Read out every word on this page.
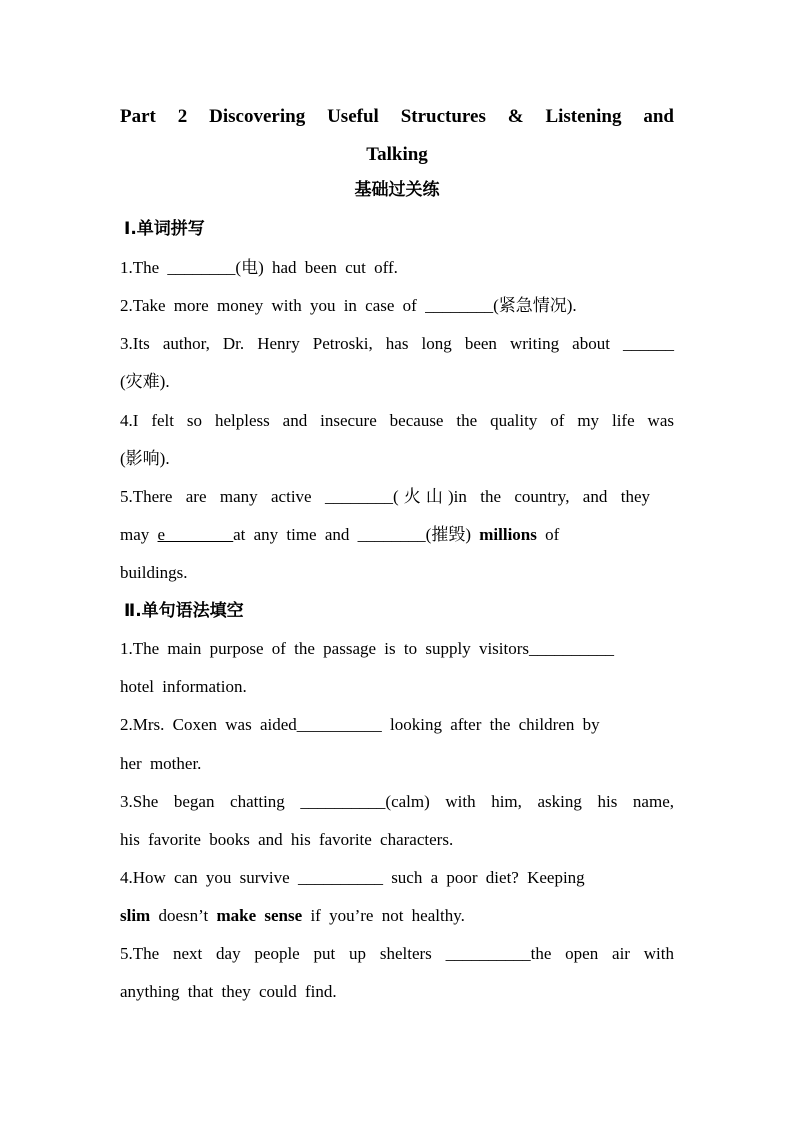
Part 2 Discovering Useful Structures & Listening and
Talking
基础过关练
Ⅰ.单词拼写
1.The ________(电) had been cut off.
2.Take more money with you in case of ________(紧急情况).
3.Its author, Dr. Henry Petroski, has long been writing about ______
(灾难).
4.I felt so helpless and insecure because the quality of my life was
(影响).
5.There are many active ________(火山)in the country, and they
may e________at any time and ________(摧毁) millions of
buildings.
Ⅱ.单句语法填空
1.The main purpose of the passage is to supply visitors__________
hotel information.
2.Mrs. Coxen was aided__________ looking after the children by
her mother.
3.She began chatting __________(calm) with him, asking his name,
his favorite books and his favorite characters.
4.How can you survive __________ such a poor diet? Keeping
slim doesn’t make sense if you’re not healthy.
5.The next day people put up shelters __________the open air with
anything that they could find.
